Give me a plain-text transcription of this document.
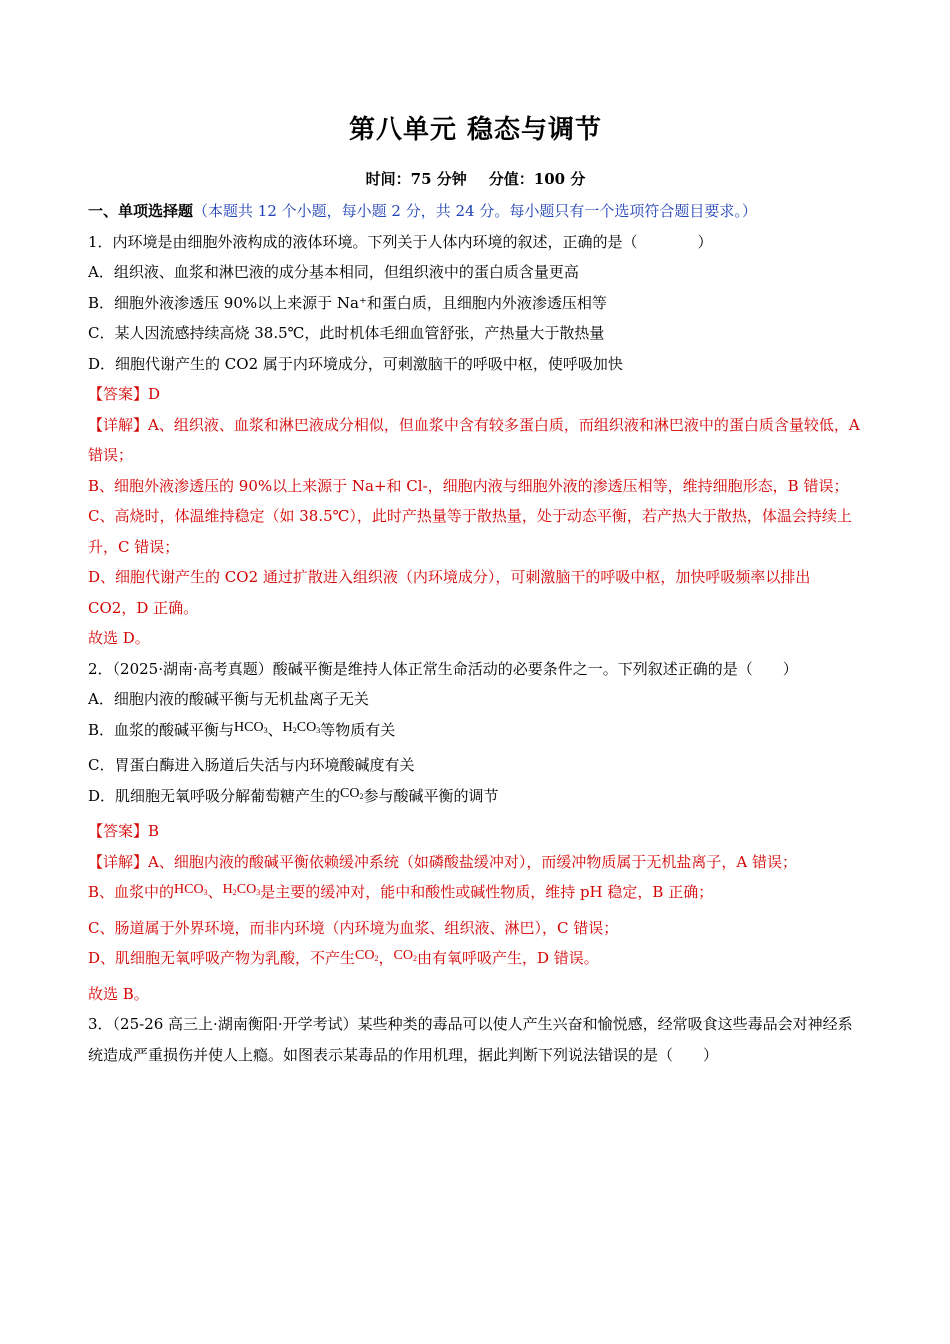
第八单元 稳态与调节
时间：75 分钟 分值：100 分
一、单项选择题（本题共 12 个小题，每小题 2 分，共 24 分。每小题只有一个选项符合题目要求。）
1．内环境是由细胞外液构成的液体环境。下列关于人体内环境的叙述，正确的是（　　　　）
A．组织液、血浆和淋巴液的成分基本相同，但组织液中的蛋白质含量更高
B．细胞外液渗透压 90%以上来源于 Na⁺和蛋白质，且细胞内外液渗透压相等
C．某人因流感持续高烧 38.5℃，此时机体毛细血管舒张，产热量大于散热量
D．细胞代谢产生的 CO2 属于内环境成分，可刺激脑干的呼吸中枢，使呼吸加快
【答案】D
【详解】A、组织液、血浆和淋巴液成分相似，但血浆中含有较多蛋白质，而组织液和淋巴液中的蛋白质含量较低，A 错误；
B、细胞外液渗透压的 90%以上来源于 Na+和 Cl-，细胞内液与细胞外液的渗透压相等，维持细胞形态，B 错误；
C、高烧时，体温维持稳定（如 38.5℃），此时产热量等于散热量，处于动态平衡，若产热大于散热，体温会持续上升，C 错误；
D、细胞代谢产生的 CO2 通过扩散进入组织液（内环境成分），可刺激脑干的呼吸中枢，加快呼吸频率以排出 CO2，D 正确。
故选 D。
2．（2025·湖南·高考真题）酸碱平衡是维持人体正常生命活动的必要条件之一。下列叙述正确的是（　　）
A．细胞内液的酸碱平衡与无机盐离子无关
B．血浆的酸碱平衡与$HCO_3$、$H_2CO_3$等物质有关
C．胃蛋白酶进入肠道后失活与内环境酸碱度有关
D．肌细胞无氧呼吸分解葡萄糖产生的$CO_2$参与酸碱平衡的调节
【答案】B
【详解】A、细胞内液的酸碱平衡依赖缓冲系统（如磷酸盐缓冲对），而缓冲物质属于无机盐离子，A 错误；
B、血浆中的$HCO_3$、$H_2CO_3$是主要的缓冲对，能中和酸性或碱性物质，维持 pH 稳定，B 正确；
C、肠道属于外界环境，而非内环境（内环境为血浆、组织液、淋巴），C 错误；
D、肌细胞无氧呼吸产物为乳酸，不产生$CO_2$，$CO_2$由有氧呼吸产生，D 错误。
故选 B。
3．（25-26 高三上·湖南衡阳·开学考试）某些种类的毒品可以使人产生兴奋和愉悦感，经常吸食这些毒品会对神经系统造成严重损伤并使人上瘾。如图表示某毒品的作用机理，据此判断下列说法错误的是（　　）
